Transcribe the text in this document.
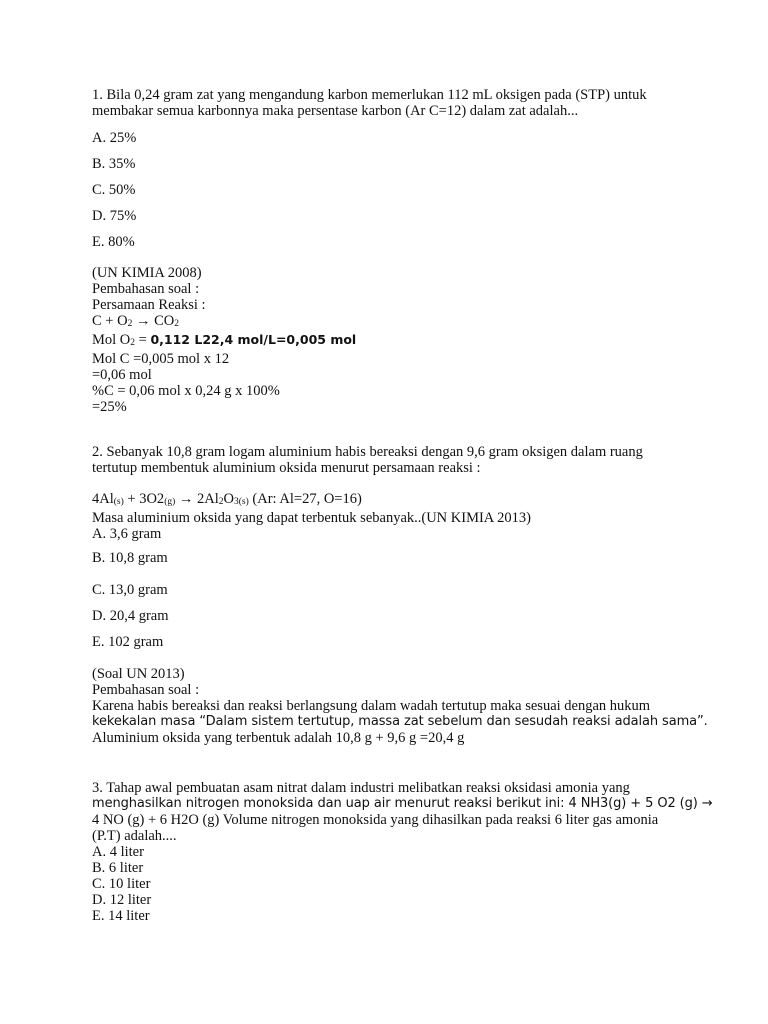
1. Bila 0,24 gram zat yang mengandung karbon memerlukan 112 mL oksigen pada (STP) untuk
membakar semua karbonnya maka persentase karbon (Ar C=12) dalam zat adalah...
A. 25%
B. 35%
C. 50%
D. 75%
E. 80%
(UN KIMIA 2008)
Pembahasan soal :
Persamaan Reaksi :
C + O2 → CO2
Mol O2 = 0,112 L22,4 mol/L=0,005 mol
Mol C =0,005 mol x 12
=0,06 mol
%C = 0,06 mol x 0,24 g x 100%
=25%
2. Sebanyak 10,8 gram logam aluminium habis bereaksi dengan 9,6 gram oksigen dalam ruang
tertutup membentuk aluminium oksida menurut persamaan reaksi :
4Al(s) + 3O2(g) → 2Al2O3(s) (Ar: Al=27, O=16)
Masa aluminium oksida yang dapat terbentuk sebanyak..(UN KIMIA 2013)
A. 3,6 gram
B. 10,8 gram
C. 13,0 gram
D. 20,4 gram
E. 102 gram
(Soal UN 2013)
Pembahasan soal :
Karena habis bereaksi dan reaksi berlangsung dalam wadah tertutup maka sesuai dengan hukum
kekekalan masa “Dalam sistem tertutup, massa zat sebelum dan sesudah reaksi adalah sama”.
Aluminium oksida yang terbentuk adalah 10,8 g + 9,6 g =20,4 g
3. Tahap awal pembuatan asam nitrat dalam industri melibatkan reaksi oksidasi amonia yang
menghasilkan nitrogen monoksida dan uap air menurut reaksi berikut ini: 4 NH3(g) + 5 O2 (g) →
4 NO (g) + 6 H2O (g) Volume nitrogen monoksida yang dihasilkan pada reaksi 6 liter gas amonia
(P.T) adalah....
A. 4 liter
B. 6 liter
C. 10 liter
D. 12 liter
E. 14 liter
